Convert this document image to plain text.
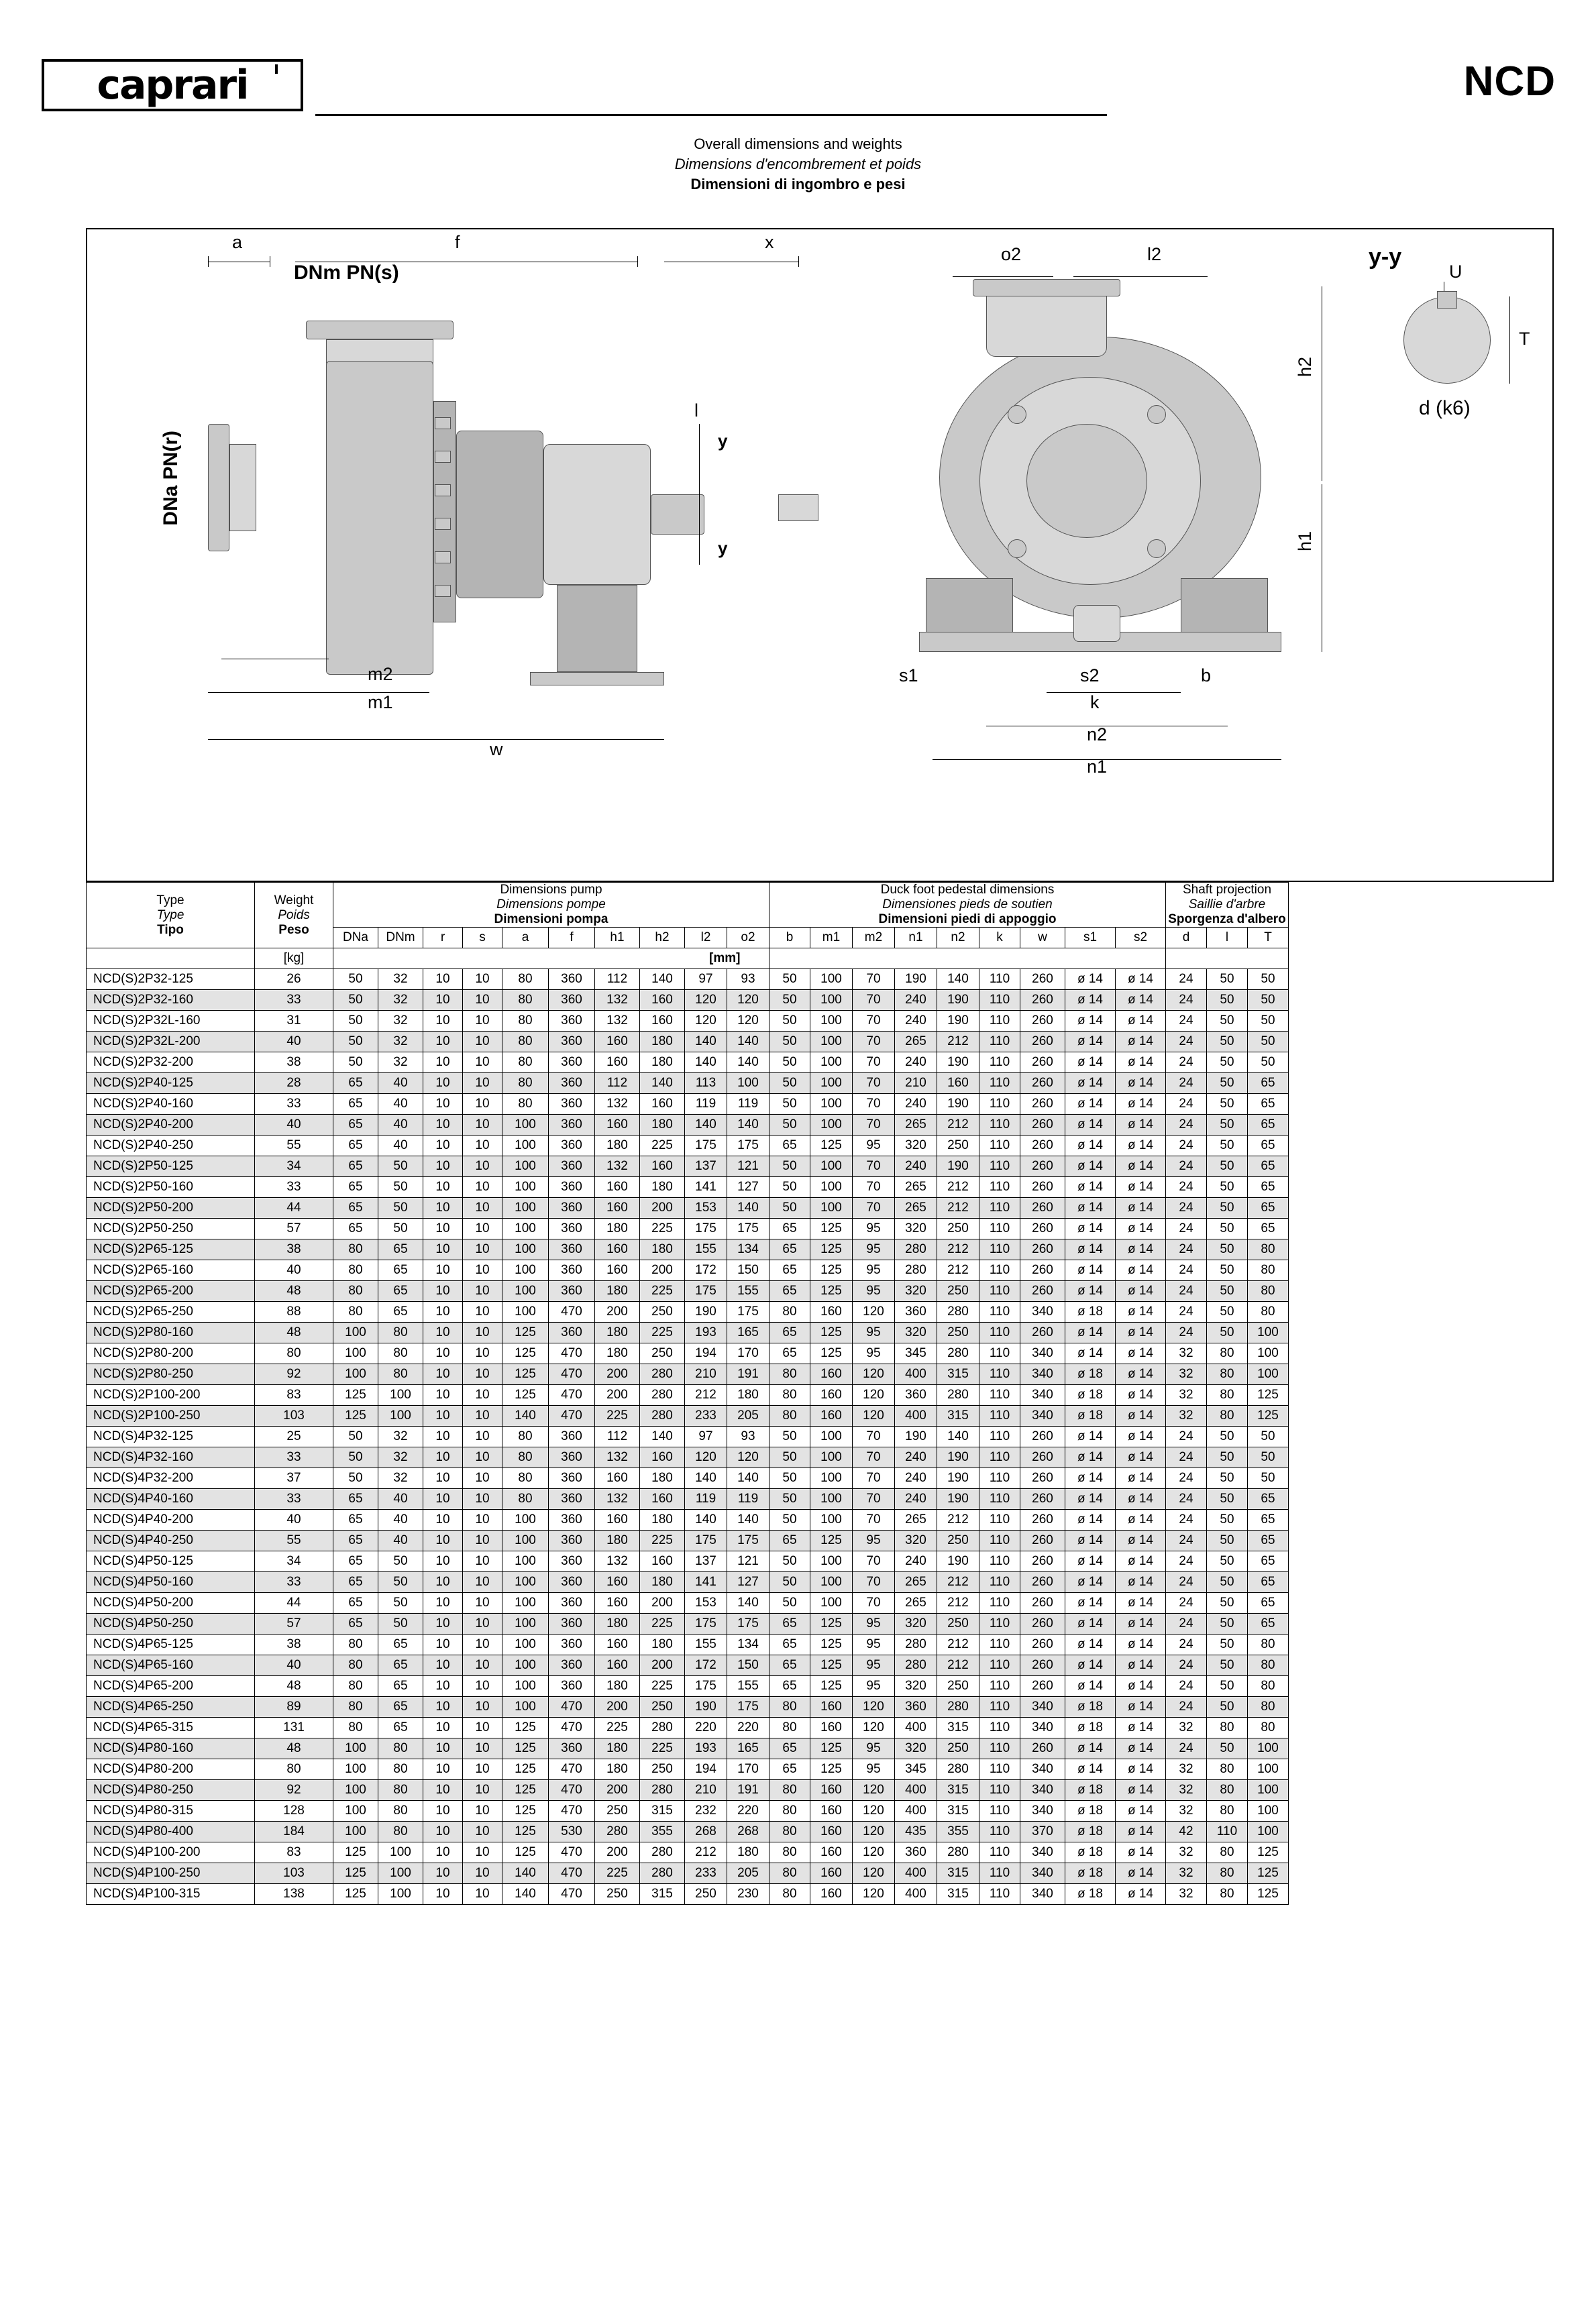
caprari	NCD
Overall dimensions and weights
Dimensions d'encombrement et poids
Dimensioni di ingombro e pesi
a	f	x
DNm PN(s)
DNa PN(r)
l
y
y
m2
m1
w
o2	l2
h2
h1
s1	s2	b
k
n2
n1
y-y
U
T
d (k6)
Type
Type
Tipo

Weight
Poids
Peso

Dimensions pump
Dimensions pompe
Dimensioni pompa

Duck foot pedestal dimensions
Dimensiones pieds de soutien
Dimensioni piedi di appoggio

Shaft projection
Saillie d'arbre
Sporgenza d'albero

		DNa	DNm	r	s	a	f	h1	h2	l2	o2	b	m1	m2	n1	n2	k	w	s1	s2	d	l	T
	[kg]	[mm]																					
NCD(S)2P32-125	26	50	32	10	10	80	360	112	140	97	93	50	100	70	190	140	110	260	ø 14	ø 14	24	50	50
NCD(S)2P32-160	33	50	32	10	10	80	360	132	160	120	120	50	100	70	240	190	110	260	ø 14	ø 14	24	50	50
NCD(S)2P32L-160	31	50	32	10	10	80	360	132	160	120	120	50	100	70	240	190	110	260	ø 14	ø 14	24	50	50
NCD(S)2P32L-200	40	50	32	10	10	80	360	160	180	140	140	50	100	70	265	212	110	260	ø 14	ø 14	24	50	50
NCD(S)2P32-200	38	50	32	10	10	80	360	160	180	140	140	50	100	70	240	190	110	260	ø 14	ø 14	24	50	50
NCD(S)2P40-125	28	65	40	10	10	80	360	112	140	113	100	50	100	70	210	160	110	260	ø 14	ø 14	24	50	65
NCD(S)2P40-160	33	65	40	10	10	80	360	132	160	119	119	50	100	70	240	190	110	260	ø 14	ø 14	24	50	65
NCD(S)2P40-200	40	65	40	10	10	100	360	160	180	140	140	50	100	70	265	212	110	260	ø 14	ø 14	24	50	65
NCD(S)2P40-250	55	65	40	10	10	100	360	180	225	175	175	65	125	95	320	250	110	260	ø 14	ø 14	24	50	65
NCD(S)2P50-125	34	65	50	10	10	100	360	132	160	137	121	50	100	70	240	190	110	260	ø 14	ø 14	24	50	65
NCD(S)2P50-160	33	65	50	10	10	100	360	160	180	141	127	50	100	70	265	212	110	260	ø 14	ø 14	24	50	65
NCD(S)2P50-200	44	65	50	10	10	100	360	160	200	153	140	50	100	70	265	212	110	260	ø 14	ø 14	24	50	65
NCD(S)2P50-250	57	65	50	10	10	100	360	180	225	175	175	65	125	95	320	250	110	260	ø 14	ø 14	24	50	65
NCD(S)2P65-125	38	80	65	10	10	100	360	160	180	155	134	65	125	95	280	212	110	260	ø 14	ø 14	24	50	80
NCD(S)2P65-160	40	80	65	10	10	100	360	160	200	172	150	65	125	95	280	212	110	260	ø 14	ø 14	24	50	80
NCD(S)2P65-200	48	80	65	10	10	100	360	180	225	175	155	65	125	95	320	250	110	260	ø 14	ø 14	24	50	80
NCD(S)2P65-250	88	80	65	10	10	100	470	200	250	190	175	80	160	120	360	280	110	340	ø 18	ø 14	24	50	80
NCD(S)2P80-160	48	100	80	10	10	125	360	180	225	193	165	65	125	95	320	250	110	260	ø 14	ø 14	24	50	100
NCD(S)2P80-200	80	100	80	10	10	125	470	180	250	194	170	65	125	95	345	280	110	340	ø 14	ø 14	32	80	100
NCD(S)2P80-250	92	100	80	10	10	125	470	200	280	210	191	80	160	120	400	315	110	340	ø 18	ø 14	32	80	100
NCD(S)2P100-200	83	125	100	10	10	125	470	200	280	212	180	80	160	120	360	280	110	340	ø 18	ø 14	32	80	125
NCD(S)2P100-250	103	125	100	10	10	140	470	225	280	233	205	80	160	120	400	315	110	340	ø 18	ø 14	32	80	125
NCD(S)4P32-125	25	50	32	10	10	80	360	112	140	97	93	50	100	70	190	140	110	260	ø 14	ø 14	24	50	50
NCD(S)4P32-160	33	50	32	10	10	80	360	132	160	120	120	50	100	70	240	190	110	260	ø 14	ø 14	24	50	50
NCD(S)4P32-200	37	50	32	10	10	80	360	160	180	140	140	50	100	70	240	190	110	260	ø 14	ø 14	24	50	50
NCD(S)4P40-160	33	65	40	10	10	80	360	132	160	119	119	50	100	70	240	190	110	260	ø 14	ø 14	24	50	65
NCD(S)4P40-200	40	65	40	10	10	100	360	160	180	140	140	50	100	70	265	212	110	260	ø 14	ø 14	24	50	65
NCD(S)4P40-250	55	65	40	10	10	100	360	180	225	175	175	65	125	95	320	250	110	260	ø 14	ø 14	24	50	65
NCD(S)4P50-125	34	65	50	10	10	100	360	132	160	137	121	50	100	70	240	190	110	260	ø 14	ø 14	24	50	65
NCD(S)4P50-160	33	65	50	10	10	100	360	160	180	141	127	50	100	70	265	212	110	260	ø 14	ø 14	24	50	65
NCD(S)4P50-200	44	65	50	10	10	100	360	160	200	153	140	50	100	70	265	212	110	260	ø 14	ø 14	24	50	65
NCD(S)4P50-250	57	65	50	10	10	100	360	180	225	175	175	65	125	95	320	250	110	260	ø 14	ø 14	24	50	65
NCD(S)4P65-125	38	80	65	10	10	100	360	160	180	155	134	65	125	95	280	212	110	260	ø 14	ø 14	24	50	80
NCD(S)4P65-160	40	80	65	10	10	100	360	160	200	172	150	65	125	95	280	212	110	260	ø 14	ø 14	24	50	80
NCD(S)4P65-200	48	80	65	10	10	100	360	180	225	175	155	65	125	95	320	250	110	260	ø 14	ø 14	24	50	80
NCD(S)4P65-250	89	80	65	10	10	100	470	200	250	190	175	80	160	120	360	280	110	340	ø 18	ø 14	24	50	80
NCD(S)4P65-315	131	80	65	10	10	125	470	225	280	220	220	80	160	120	400	315	110	340	ø 18	ø 14	32	80	80
NCD(S)4P80-160	48	100	80	10	10	125	360	180	225	193	165	65	125	95	320	250	110	260	ø 14	ø 14	24	50	100
NCD(S)4P80-200	80	100	80	10	10	125	470	180	250	194	170	65	125	95	345	280	110	340	ø 14	ø 14	32	80	100
NCD(S)4P80-250	92	100	80	10	10	125	470	200	280	210	191	80	160	120	400	315	110	340	ø 18	ø 14	32	80	100
NCD(S)4P80-315	128	100	80	10	10	125	470	250	315	232	220	80	160	120	400	315	110	340	ø 18	ø 14	32	80	100
NCD(S)4P80-400	184	100	80	10	10	125	530	280	355	268	268	80	160	120	435	355	110	370	ø 18	ø 14	42	110	100
NCD(S)4P100-200	83	125	100	10	10	125	470	200	280	212	180	80	160	120	360	280	110	340	ø 18	ø 14	32	80	125
NCD(S)4P100-250	103	125	100	10	10	140	470	225	280	233	205	80	160	120	400	315	110	340	ø 18	ø 14	32	80	125
NCD(S)4P100-315	138	125	100	10	10	140	470	250	315	250	230	80	160	120	400	315	110	340	ø 18	ø 14	32	80	125
